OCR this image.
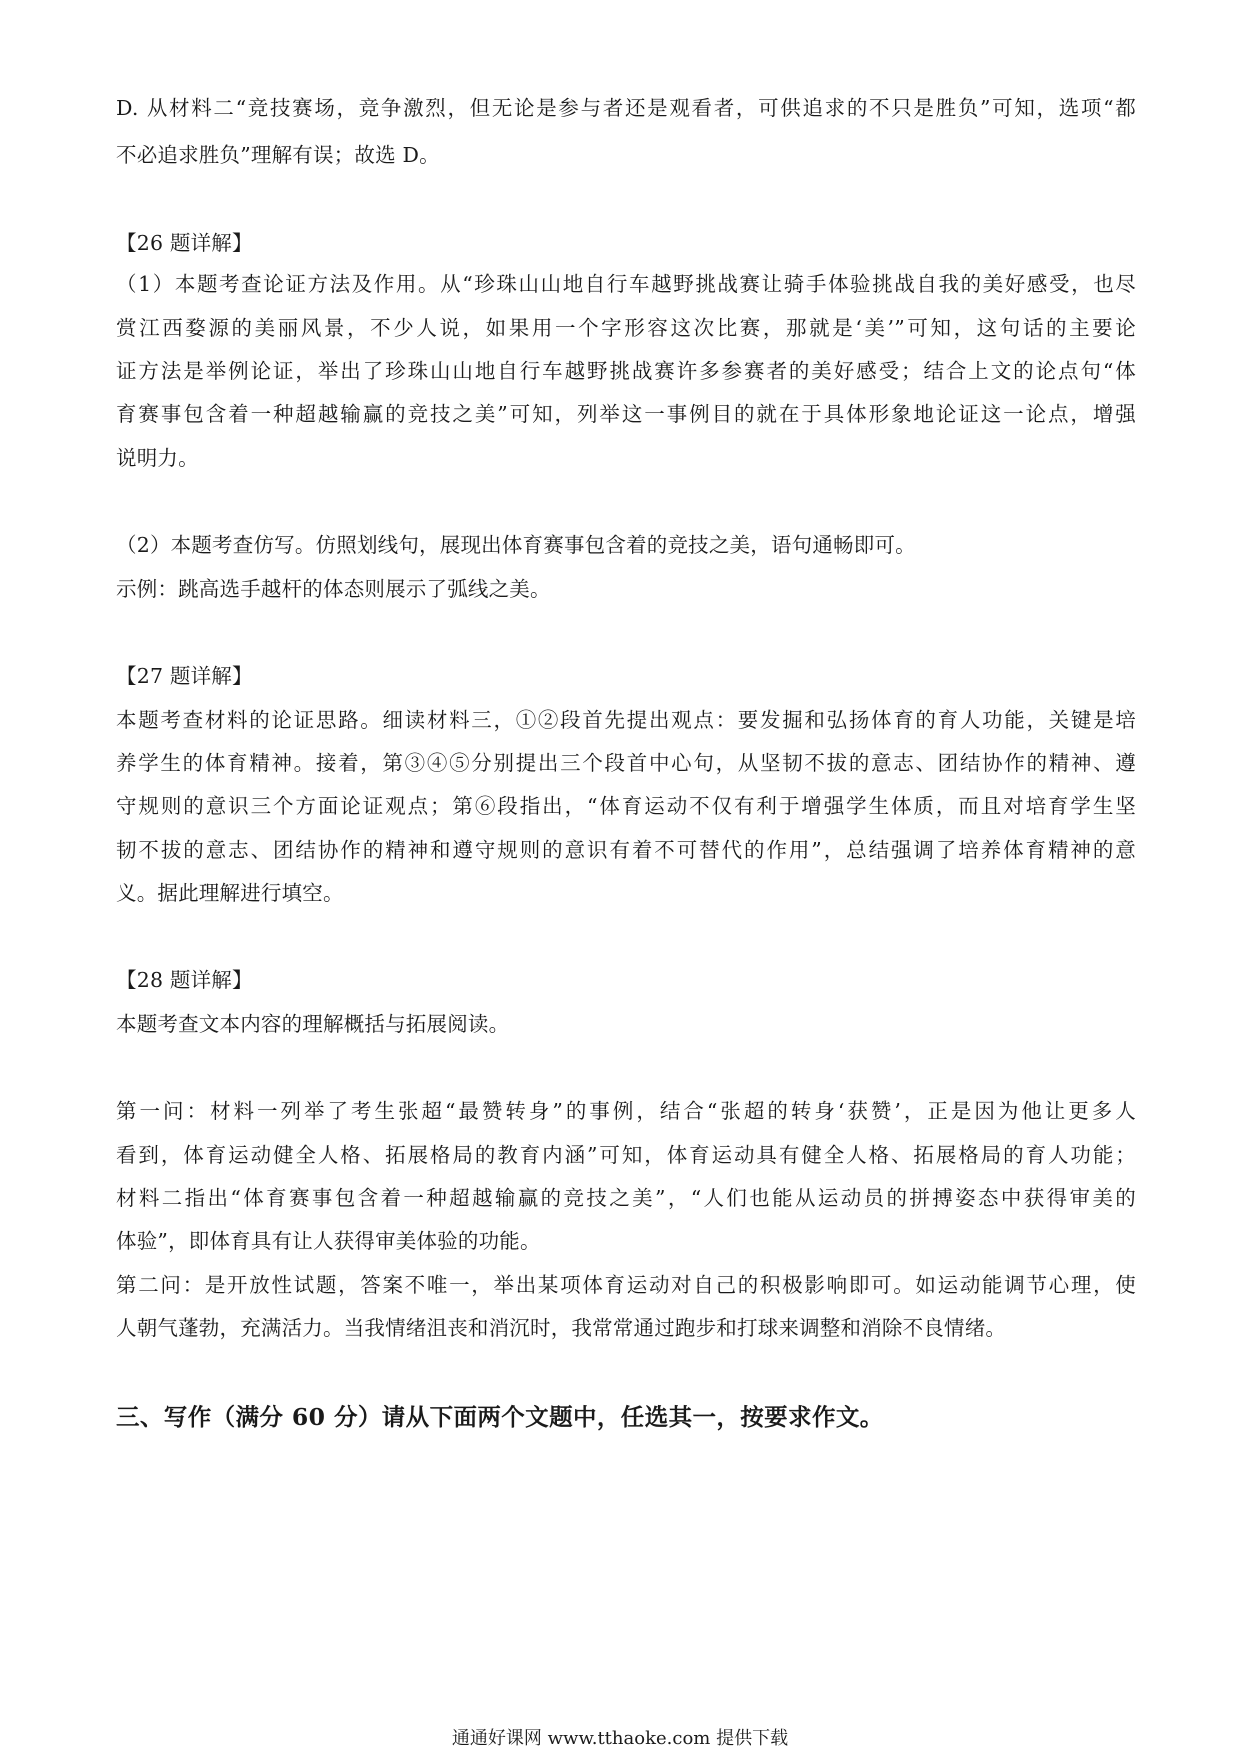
D. 从材料二“竞技赛场，竞争激烈，但无论是参与者还是观看者，可供追求的不只是胜负”可知，选项“都
不必追求胜负”理解有误；故选 D。
【26 题详解】
（1）本题考查论证方法及作用。从“珍珠山山地自行车越野挑战赛让骑手体验挑战自我的美好感受，也尽
赏江西婺源的美丽风景，不少人说，如果用一个字形容这次比赛，那就是‘美’”可知，这句话的主要论
证方法是举例论证，举出了珍珠山山地自行车越野挑战赛许多参赛者的美好感受；结合上文的论点句“体
育赛事包含着一种超越输赢的竞技之美”可知，列举这一事例目的就在于具体形象地论证这一论点，增强
说明力。
（2）本题考查仿写。仿照划线句，展现出体育赛事包含着的竞技之美，语句通畅即可。
示例：跳高选手越杆的体态则展示了弧线之美。
【27 题详解】
本题考查材料的论证思路。细读材料三，①②段首先提出观点：要发掘和弘扬体育的育人功能，关键是培
养学生的体育精神。接着，第③④⑤分别提出三个段首中心句，从坚韧不拔的意志、团结协作的精神、遵
守规则的意识三个方面论证观点；第⑥段指出，“体育运动不仅有利于增强学生体质，而且对培育学生坚
韧不拔的意志、团结协作的精神和遵守规则的意识有着不可替代的作用”，总结强调了培养体育精神的意
义。据此理解进行填空。
【28 题详解】
本题考查文本内容的理解概括与拓展阅读。
第一问：材料一列举了考生张超“最赞转身”的事例，结合“张超的转身‘获赞’，正是因为他让更多人
看到，体育运动健全人格、拓展格局的教育内涵”可知，体育运动具有健全人格、拓展格局的育人功能；
材料二指出“体育赛事包含着一种超越输赢的竞技之美”，“人们也能从运动员的拼搏姿态中获得审美的
体验”，即体育具有让人获得审美体验的功能。
第二问：是开放性试题，答案不唯一，举出某项体育运动对自己的积极影响即可。如运动能调节心理，使
人朝气蓬勃，充满活力。当我情绪沮丧和消沉时，我常常通过跑步和打球来调整和消除不良情绪。
三、写作（满分 60 分）请从下面两个文题中，任选其一，按要求作文。
通通好课网 www.tthaoke.com 提供下载
